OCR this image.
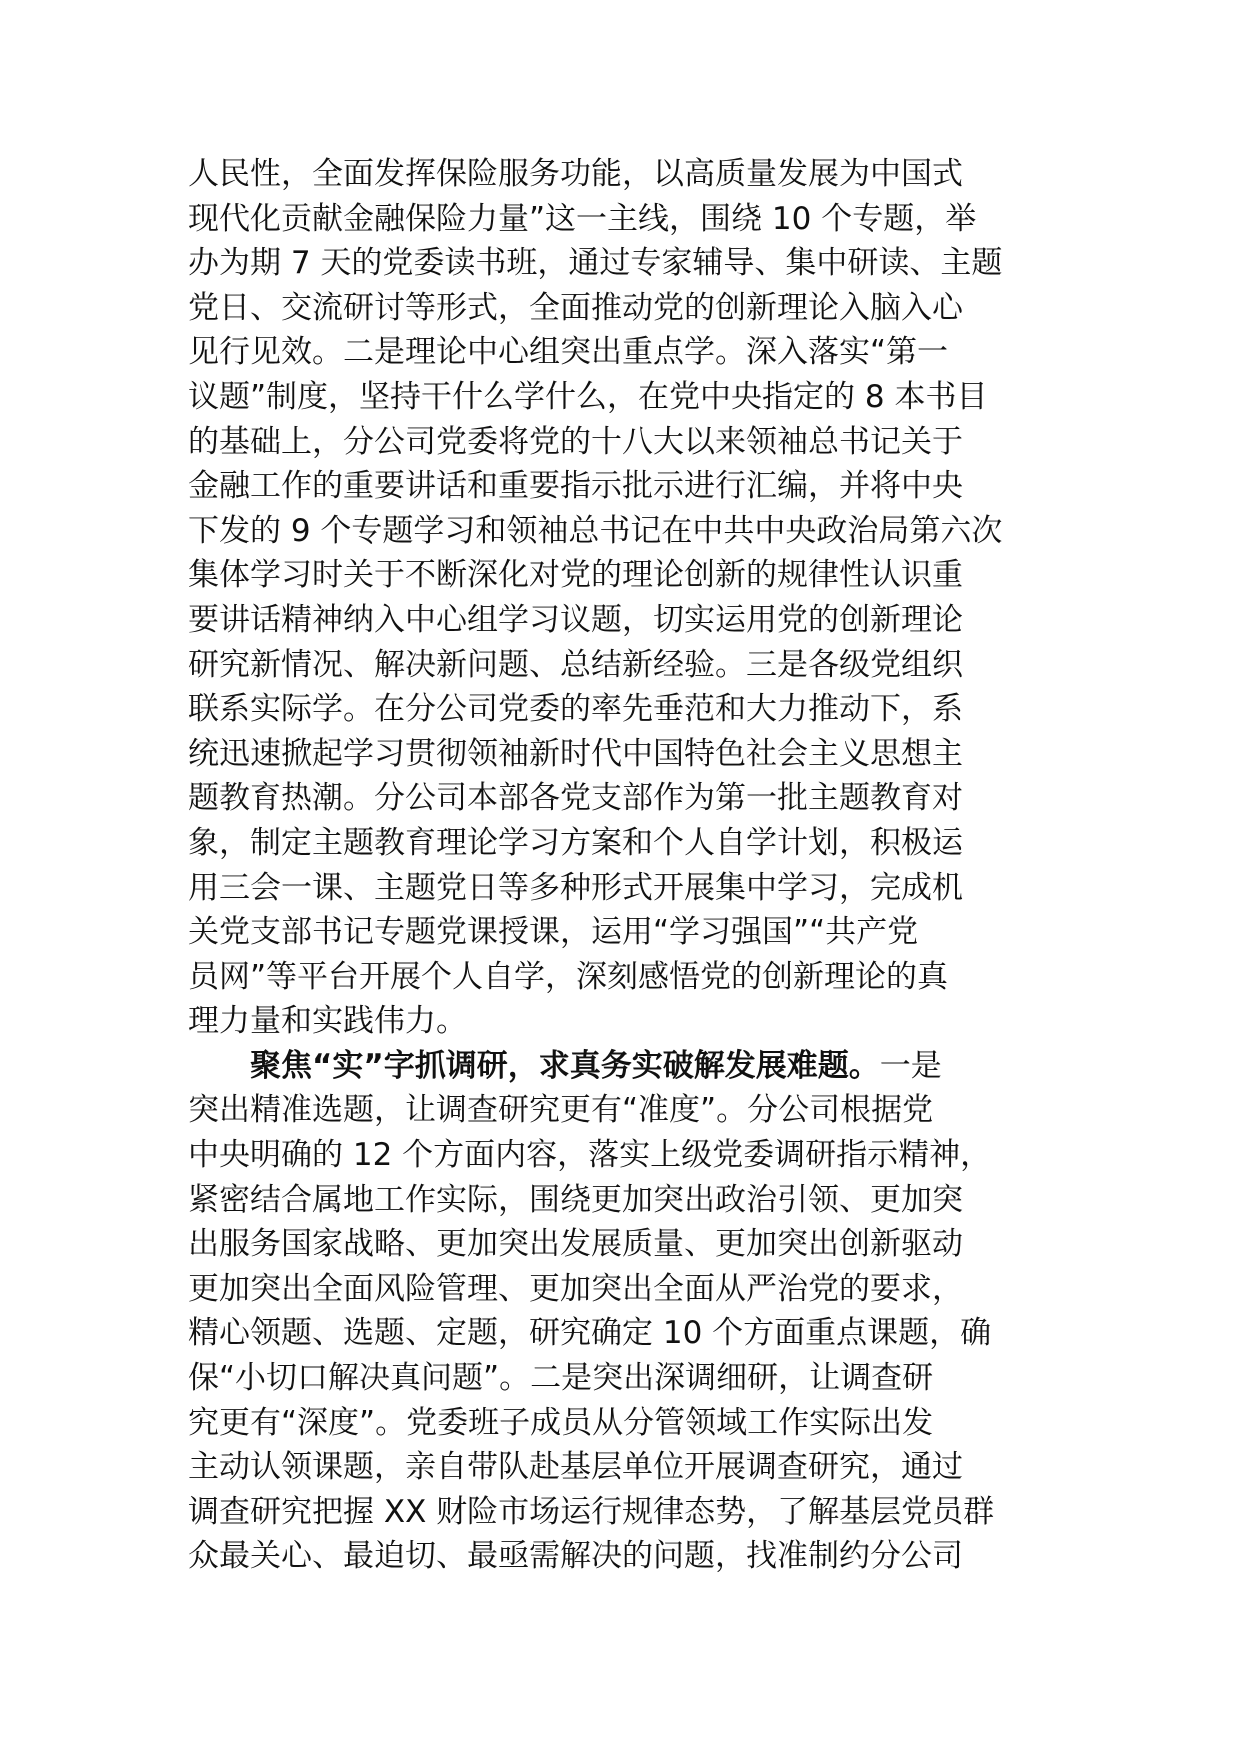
人民性，全面发挥保险服务功能，以高质量发展为中国式
现代化贡献金融保险力量”这一主线，围绕 10 个专题，举
办为期 7 天的党委读书班，通过专家辅导、集中研读、主题
党日、交流研讨等形式，全面推动党的创新理论入脑入心
见行见效。二是理论中心组突出重点学。深入落实“第一
议题”制度，坚持干什么学什么，在党中央指定的 8 本书目
的基础上，分公司党委将党的十八大以来领袖总书记关于
金融工作的重要讲话和重要指示批示进行汇编，并将中央
下发的 9 个专题学习和领袖总书记在中共中央政治局第六次
集体学习时关于不断深化对党的理论创新的规律性认识重
要讲话精神纳入中心组学习议题，切实运用党的创新理论
研究新情况、解决新问题、总结新经验。三是各级党组织
联系实际学。在分公司党委的率先垂范和大力推动下，系
统迅速掀起学习贯彻领袖新时代中国特色社会主义思想主
题教育热潮。分公司本部各党支部作为第一批主题教育对
象，制定主题教育理论学习方案和个人自学计划，积极运
用三会一课、主题党日等多种形式开展集中学习，完成机
关党支部书记专题党课授课，运用“学习强国”“共产党
员网”等平台开展个人自学，深刻感悟党的创新理论的真
理力量和实践伟力。
聚焦“实”字抓调研，求真务实破解发展难题。一是
突出精准选题，让调查研究更有“准度”。分公司根据党
中央明确的 12 个方面内容，落实上级党委调研指示精神，
紧密结合属地工作实际，围绕更加突出政治引领、更加突
出服务国家战略、更加突出发展质量、更加突出创新驱动
更加突出全面风险管理、更加突出全面从严治党的要求，
精心领题、选题、定题，研究确定 10 个方面重点课题，确
保“小切口解决真问题”。二是突出深调细研，让调查研
究更有“深度”。党委班子成员从分管领域工作实际出发
主动认领课题，亲自带队赴基层单位开展调查研究，通过
调查研究把握 XX 财险市场运行规律态势，了解基层党员群
众最关心、最迫切、最亟需解决的问题，找准制约分公司
